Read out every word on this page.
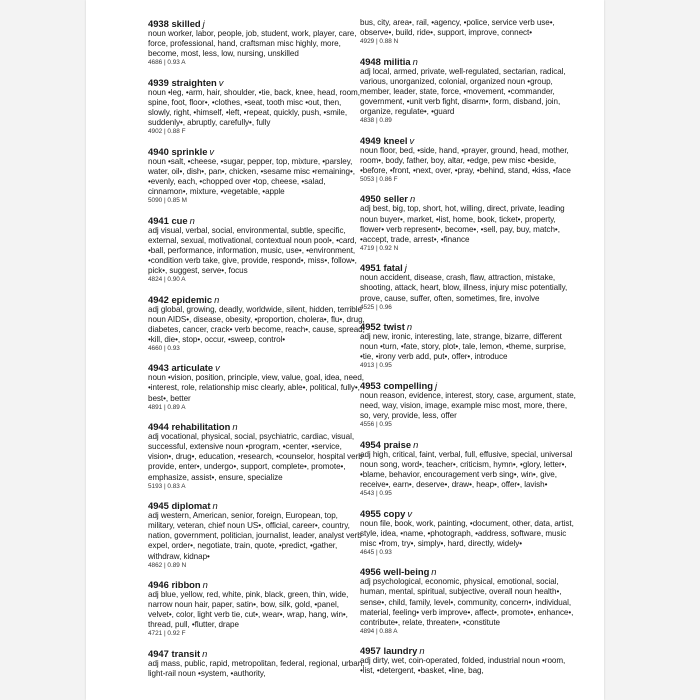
4938 skilled j
noun worker, labor, people, job, student, work, player, care, force, professional, hand, craftsman misc highly, more, become, most, less, low, nursing, unskilled
4686 | 0.93 A
4939 straighten v
noun •leg, •arm, hair, shoulder, •tie, back, knee, head, room, spine, foot, floor•, •clothes, •seat, tooth misc •out, then, slowly, right, •himself, •left, •repeat, quickly, push, •smile, suddenly•, abruptly, carefully•, fully
4902 | 0.88 F
4940 sprinkle v
noun •salt, •cheese, •sugar, pepper, top, mixture, •parsley, water, oil•, dish•, pan•, chicken, •sesame misc •remaining•, •evenly, each, •chopped over •top, cheese, •salad, cinnamon•, mixture, •vegetable, •apple
5090 | 0.85 M
4941 cue n
adj visual, verbal, social, environmental, subtle, specific, external, sexual, motivational, contextual noun pool•, •card, •ball, performance, information, music, use•, •environment, •condition verb take, give, provide, respond•, miss•, follow•, pick•, suggest, serve•, focus
4824 | 0.90 A
4942 epidemic n
adj global, growing, deadly, worldwide, silent, hidden, terrible noun AIDS•, disease, obesity, •proportion, cholera•, flu•, drug, diabetes, cancer, crack• verb become, reach•, cause, spread, •kill, die•, stop•, occur, •sweep, control•
4660 | 0.93
4943 articulate v
noun •vision, position, principle, view, value, goal, idea, need, •interest, role, relationship misc clearly, able•, political, fully•, best•, better
4891 | 0.89 A
4944 rehabilitation n
adj vocational, physical, social, psychiatric, cardiac, visual, successful, extensive noun •program, •center, •service, vision•, drug•, education, •research, •counselor, hospital verb provide, enter•, undergo•, support, complete•, promote•, emphasize, assist•, ensure, specialize
5193 | 0.83 A
4945 diplomat n
adj western, American, senior, foreign, European, top, military, veteran, chief noun US•, official, career•, country, nation, government, politician, journalist, leader, analyst verb expel, order•, negotiate, train, quote, •predict, •gather, withdraw, kidnap•
4862 | 0.89 N
4946 ribbon n
adj blue, yellow, red, white, pink, black, green, thin, wide, narrow noun hair, paper, satin•, bow, silk, gold, •panel, velvet•, color, light verb tie, cut•, wear•, wrap, hang, win•, thread, pull, •flutter, drape
4721 | 0.92 F
4947 transit n
adj mass, public, rapid, metropolitan, federal, regional, urban, light-rail noun •system, •authority,
bus, city, area•, rail, •agency, •police, service verb use•, observe•, build, ride•, support, improve, connect•
4929 | 0.88 N
4948 militia n
adj local, armed, private, well-regulated, sectarian, radical, various, unorganized, colonial, organized noun •group, member, leader, state, force, •movement, •commander, government, •unit verb fight, disarm•, form, disband, join, organize, regulate•, •guard
4838 | 0.89
4949 kneel v
noun floor, bed, •side, hand, •prayer, ground, head, mother, room•, body, father, boy, altar, •edge, pew misc •beside, •before, •front, •next, over, •pray, •behind, stand, •kiss, •face
5053 | 0.86 F
4950 seller n
adj best, big, top, short, hot, willing, direct, private, leading noun buyer•, market, •list, home, book, ticket•, property, flower• verb represent•, become•, •sell, pay, buy, match•, •accept, trade, arrest•, •finance
4719 | 0.92 N
4951 fatal j
noun accident, disease, crash, flaw, attraction, mistake, shooting, attack, heart, blow, illness, injury misc potentially, prove, cause, suffer, often, sometimes, fire, involve
4525 | 0.96
4952 twist n
adj new, ironic, interesting, late, strange, bizarre, different noun •turn, •fate, story, plot•, tale, lemon, •theme, surprise, •tie, •irony verb add, put•, offer•, introduce
4913 | 0.95
4953 compelling j
noun reason, evidence, interest, story, case, argument, state, need, way, vision, image, example misc most, more, there, so, very, provide, less, offer
4556 | 0.95
4954 praise n
adj high, critical, faint, verbal, full, effusive, special, universal noun song, word•, teacher•, criticism, hymn•, •glory, letter•, •blame, behavior, encouragement verb sing•, win•, give, receive•, earn•, deserve•, draw•, heap•, offer•, lavish•
4543 | 0.95
4955 copy v
noun file, book, work, painting, •document, other, data, artist, style, idea, •name, •photograph, •address, software, music misc •from, try•, simply•, hard, directly, widely•
4645 | 0.93
4956 well-being n
adj psychological, economic, physical, emotional, social, human, mental, spiritual, subjective, overall noun health•, sense•, child, family, level•, community, concern•, individual, material, feeling• verb improve•, affect•, promote•, enhance•, contribute•, relate, threaten•, •constitute
4894 | 0.88 A
4957 laundry n
adj dirty, wet, coin-operated, folded, industrial noun •room, •list, •detergent, •basket, •line, bag,
